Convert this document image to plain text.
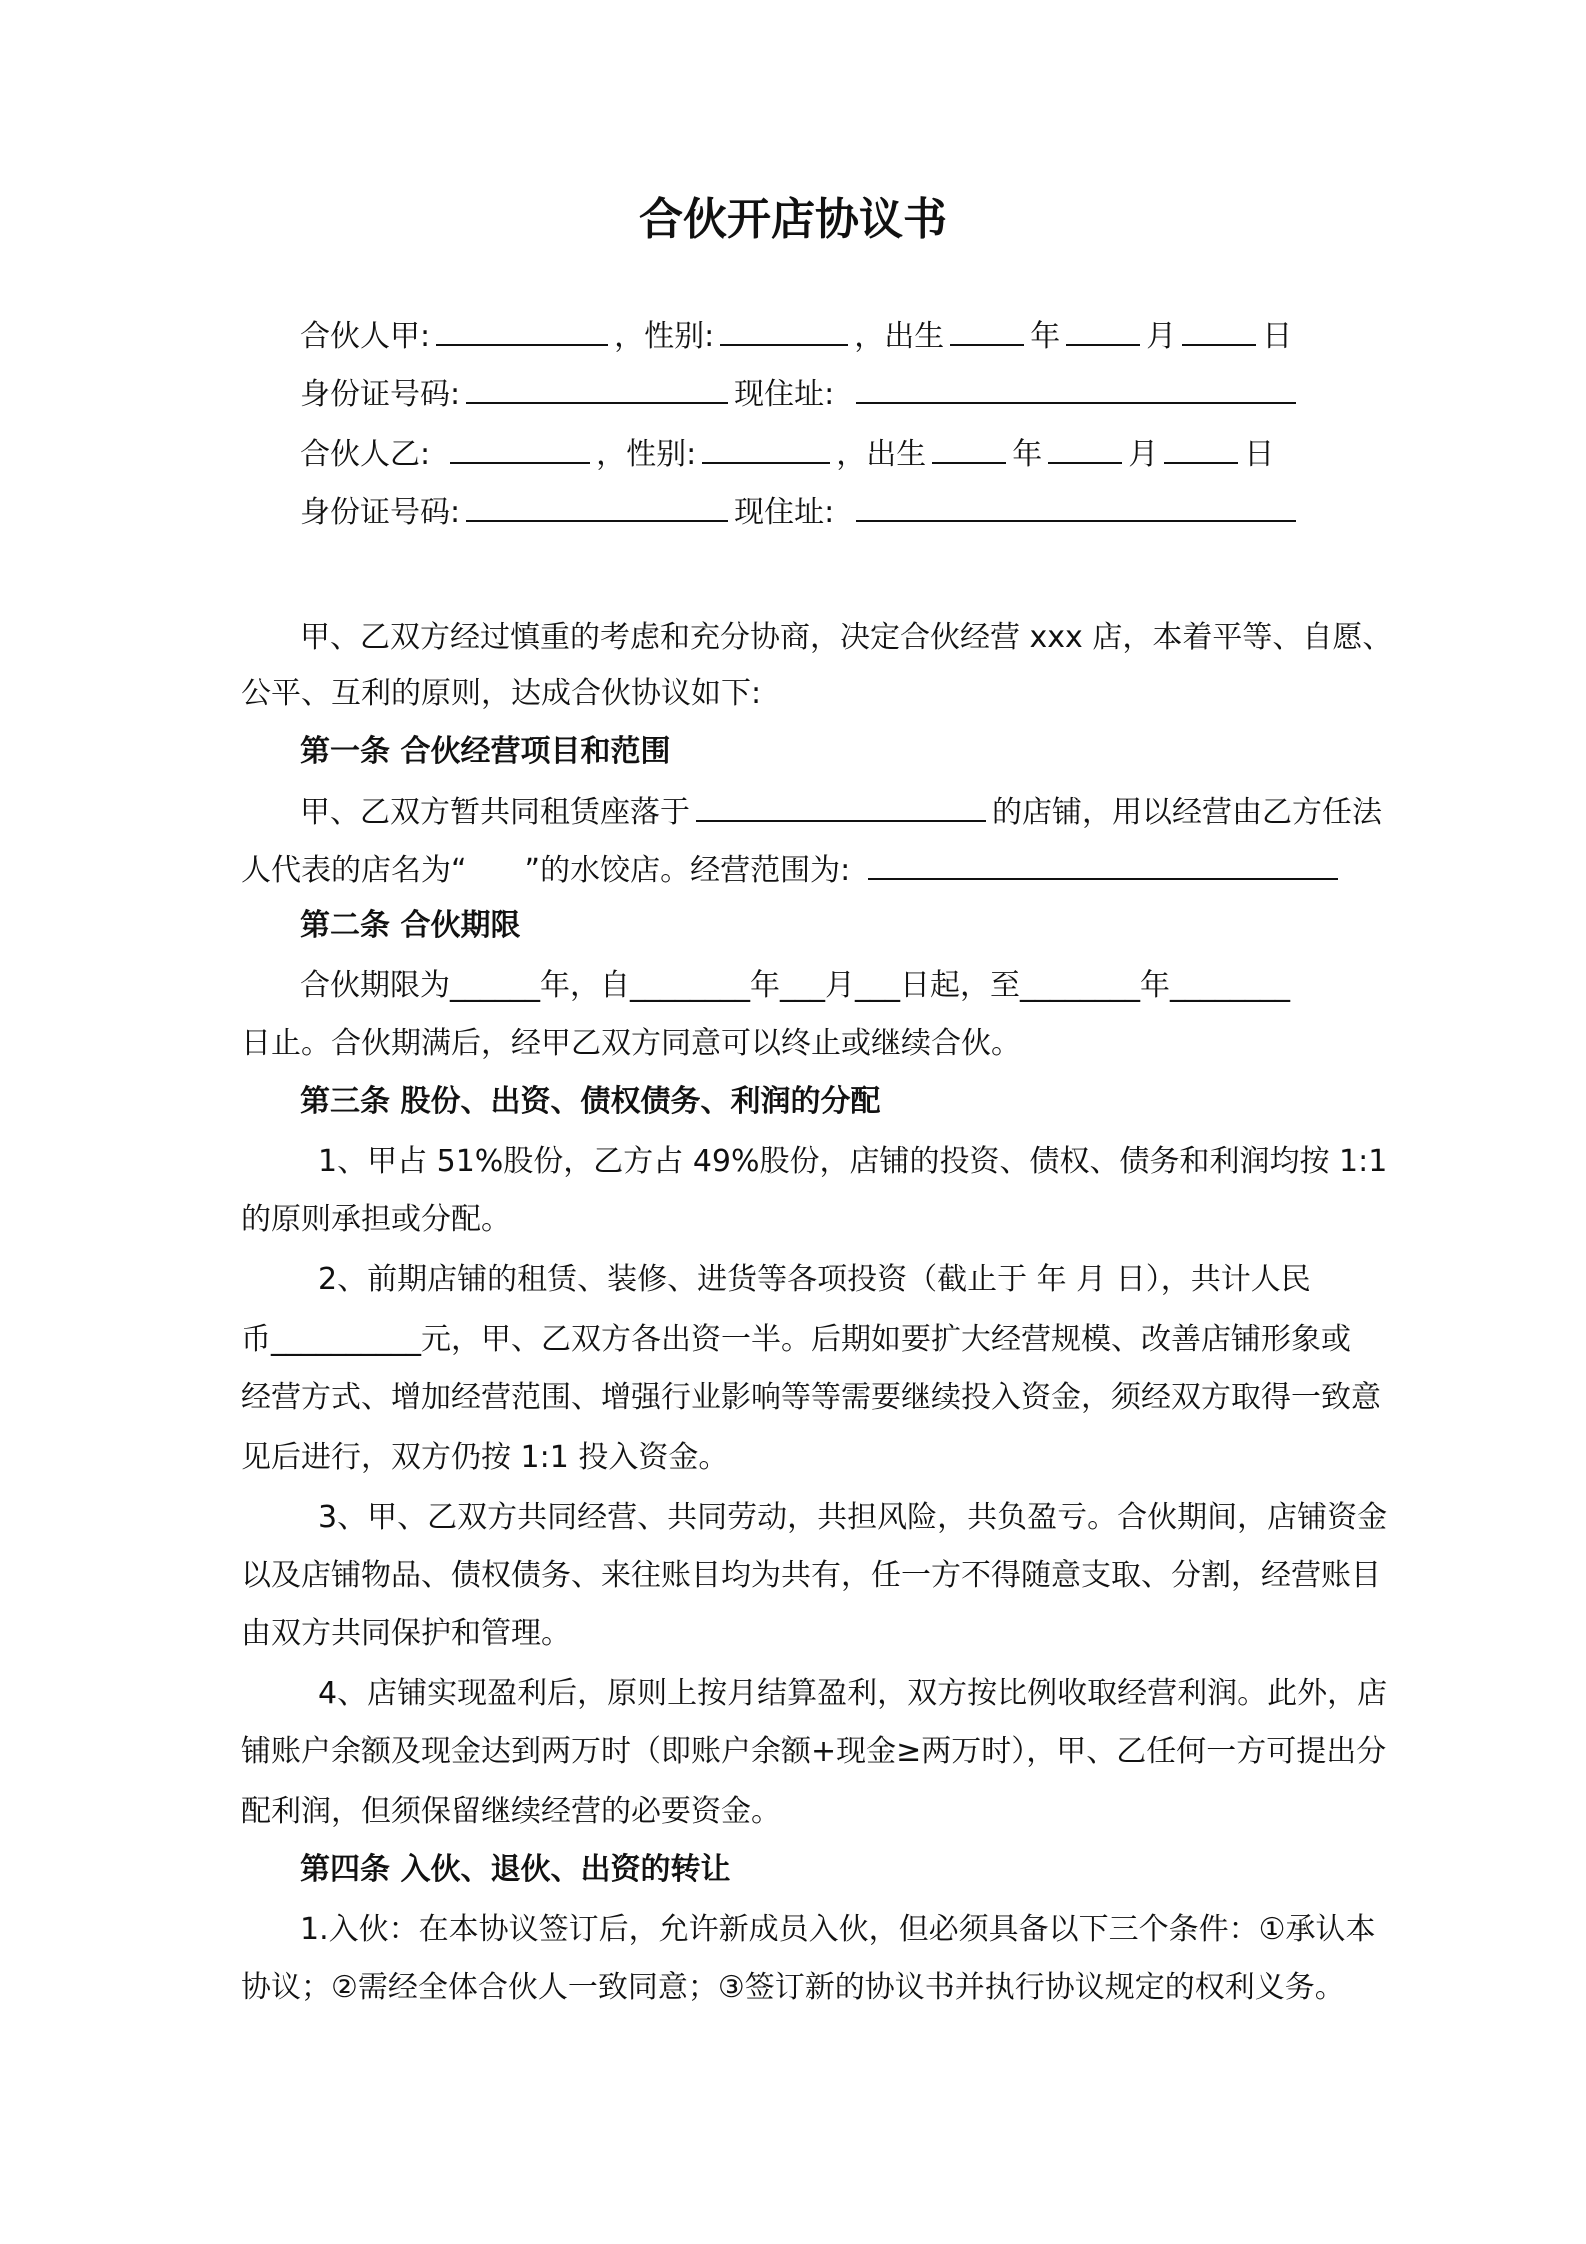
合伙开店协议书
合伙人甲:	，性别:	，出生	年	月	日
身份证号码:	现住址:
合伙人乙:	，性别:	，出生	年	月	日
身份证号码:	现住址:
甲、乙双方经过慎重的考虑和充分协商，决定合伙经营 xxx 店，本着平等、自愿、
公平、互利的原则，达成合伙协议如下:
第一条 合伙经营项目和范围
甲、乙双方暂共同租赁座落于	的店铺，用以经营由乙方任法
人代表的店名为“ ”的水饺店。经营范围为:
第二条 合伙期限
合伙期限为______年，自________年___月___日起，至________年________
日止。合伙期满后，经甲乙双方同意可以终止或继续合伙。
第三条 股份、出资、债权债务、利润的分配
1、甲占 51%股份，乙方占 49%股份，店铺的投资、债权、债务和利润均按 1:1
的原则承担或分配。
2、前期店铺的租赁、装修、进货等各项投资（截止于 年 月 日），共计人民
币__________元，甲、乙双方各出资一半。后期如要扩大经营规模、改善店铺形象或
经营方式、增加经营范围、增强行业影响等等需要继续投入资金，须经双方取得一致意
见后进行，双方仍按 1:1 投入资金。
3、甲、乙双方共同经营、共同劳动，共担风险，共负盈亏。合伙期间，店铺资金
以及店铺物品、债权债务、来往账目均为共有，任一方不得随意支取、分割，经营账目
由双方共同保护和管理。
4、店铺实现盈利后，原则上按月结算盈利，双方按比例收取经营利润。此外，店
铺账户余额及现金达到两万时（即账户余额+现金≥两万时），甲、乙任何一方可提出分
配利润，但须保留继续经营的必要资金。
第四条 入伙、退伙、出资的转让
1.入伙：在本协议签订后，允许新成员入伙，但必须具备以下三个条件：①承认本
协议；②需经全体合伙人一致同意；③签订新的协议书并执行协议规定的权利义务。
